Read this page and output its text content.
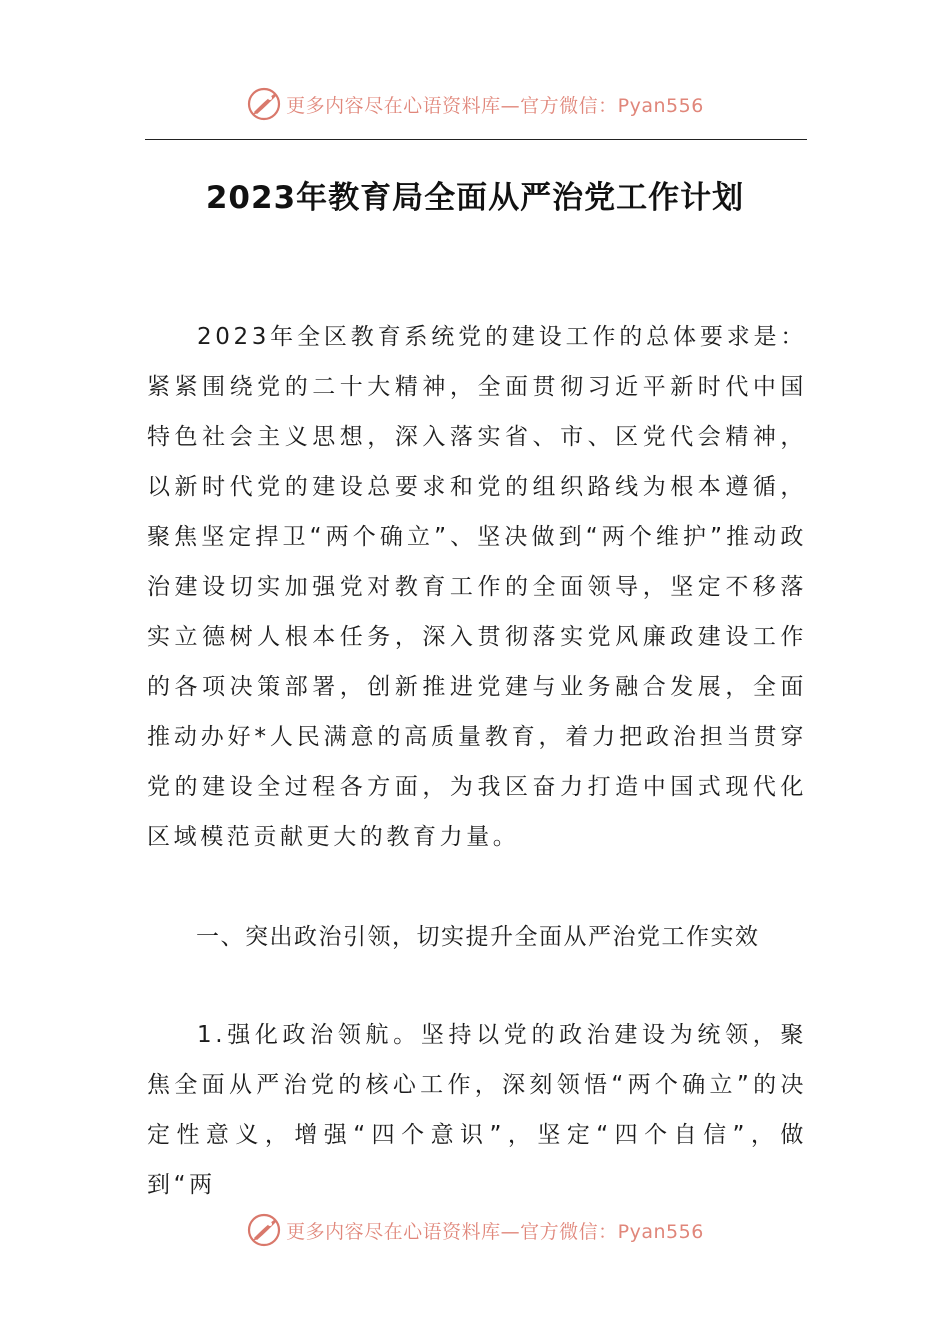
更多内容尽在心语资料库 —官方微信：Pyan556
2023年教育局全面从严治党工作计划
2023年全区教育系统党的建设工作的总体要求是：紧紧围绕党的二十大精神，全面贯彻习近平新时代中国特色社会主义思想，深入落实省、市、区党代会精神，以新时代党的建设总要求和党的组织路线为根本遵循，聚焦坚定捍卫“两个确立”、坚决做到“两个维护”推动政治建设切实加强党对教育工作的全面领导，坚定不移落实立德树人根本任务，深入贯彻落实党风廉政建设工作的各项决策部署，创新推进党建与业务融合发展，全面推动办好*人民满意的高质量教育，着力把政治担当贯穿党的建设全过程各方面，为我区奋力打造中国式现代化区域模范贡献更大的教育力量。
一、突出政治引领，切实提升全面从严治党工作实效
1.强化政治领航。坚持以党的政治建设为统领，聚焦全面从严治党的核心工作，深刻领悟“两个确立”的决定性意义，增强“四个意识”，坚定“四个自信”，做到“两
更多内容尽在心语资料库 —官方微信：Pyan556
